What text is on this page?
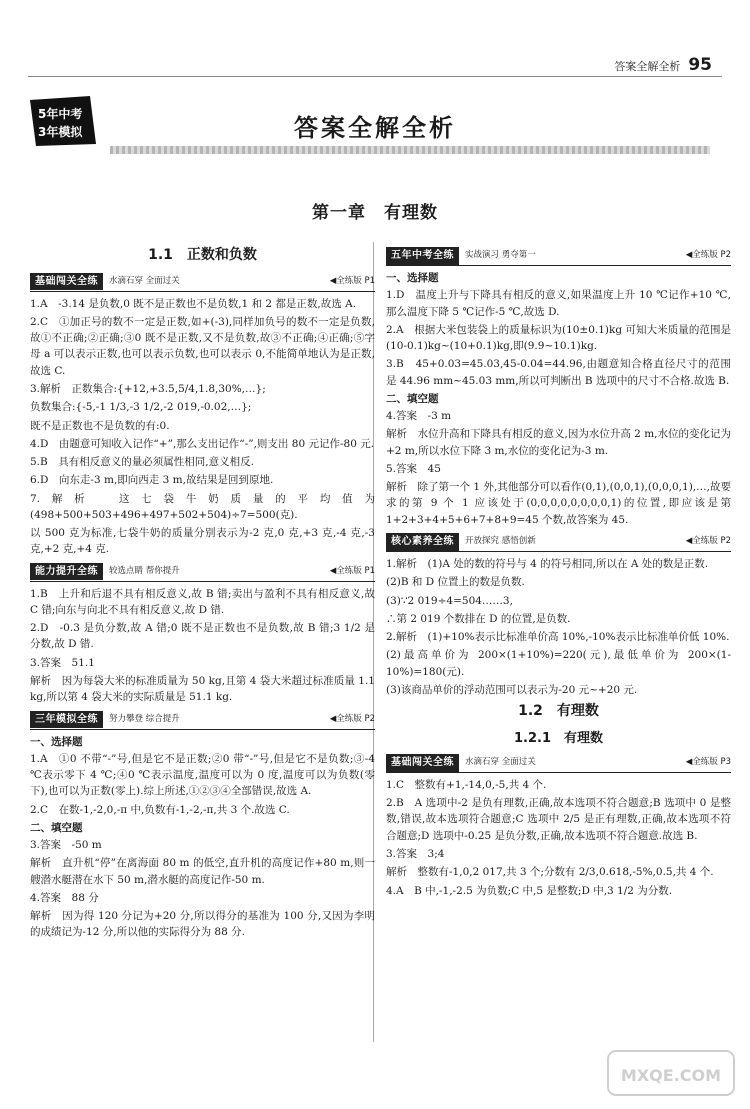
答案全解全析 95
5年中考
3年模拟	答案全解全析
第一章　有理数
1.1　正数和负数
基础闯关全练	水滴石穿 全面过关	◀全练版 P1

1.A　-3.14 是负数,0 既不是正数也不是负数,1 和 2 都是正数,故选 A.

2.C　①加正号的数不一定是正数,如+(-3),同样加负号的数不一定是负数,故①不正确;②正确;③0 既不是正数,又不是负数,故③不正确;④正确;⑤字母 a 可以表示正数,也可以表示负数,也可以表示 0,不能简单地认为是正数,故选 C.

3.解析　正数集合:{+12,+3.5,5/4,1.8,30%,…};

负数集合:{-5,-1 1/3,-3 1/2,-2 019,-0.02,…};

既不是正数也不是负数的有:0.

4.D　由题意可知收入记作“+”,那么支出记作“-”,则支出 80 元记作-80 元.

5.B　具有相反意义的量必须属性相同,意义相反.

6.D　向东走-3 m,即向西走 3 m,故结果是回到原地.

7.解析　这七袋牛奶质量的平均值为(498+500+503+496+497+502+504)÷7=500(克).

以 500 克为标准,七袋牛奶的质量分别表示为-2 克,0 克,+3 克,-4 克,-3 克,+2 克,+4 克.

能力提升全练	较选点睛 帮你提升	◀全练版 P1

1.B　上升和后退不具有相反意义,故 B 错;卖出与盈利不具有相反意义,故 C 错;向东与向北不具有相反意义,故 D 错.

2.D　-0.3 是负分数,故 A 错;0 既不是正数也不是负数,故 B 错;3 1/2 是分数,故 D 错.

3.答案　51.1

解析　因为每袋大米的标准质量为 50 kg,且第 4 袋大米超过标准质量 1.1 kg,所以第 4 袋大米的实际质量是 51.1 kg.

三年模拟全练	努力攀登 综合提升	◀全练版 P2
一、选择题

1.A　①0 不带“-”号,但是它不是正数;②0 带“-”号,但是它不是负数;③-4 ℃表示零下 4 ℃;④0 ℃表示温度,温度可以为 0 度,温度可以为负数(零下),也可以为正数(零上).综上所述,①②③④全部错误,故选 A.

2.C　在数-1,-2,0,-π 中,负数有-1,-2,-π,共 3 个.故选 C.

二、填空题

3.答案　-50 m

解析　直升机“停”在离海面 80 m 的低空,直升机的高度记作+80 m,则一艘潜水艇潜在水下 50 m,潜水艇的高度记作-50 m.

4.答案　88 分

解析　因为得 120 分记为+20 分,所以得分的基准为 100 分,又因为李明的成绩记为-12 分,所以他的实际得分为 88 分.

五年中考全练	实战演习 勇夺第一	◀全练版 P2
一、选择题

1.D　温度上升与下降具有相反的意义,如果温度上升 10 ℃记作+10 ℃,那么温度下降 5 ℃记作-5 ℃,故选 D.

2.A　根据大米包装袋上的质量标识为(10±0.1)kg 可知大米质量的范围是(10-0.1)kg~(10+0.1)kg,即(9.9~10.1)kg.

3.B　45+0.03=45.03,45-0.04=44.96,由题意知合格直径尺寸的范围是 44.96 mm~45.03 mm,所以可判断出 B 选项中的尺寸不合格.故选 B.

二、填空题

4.答案　-3 m

解析　水位升高和下降具有相反的意义,因为水位升高 2 m,水位的变化记为+2 m,所以水位下降 3 m,水位的变化记为-3 m.

5.答案　45

解析　除了第一个 1 外,其他部分可以看作(0,1),(0,0,1),(0,0,0,1),…,故要求的第 9 个 1 应该处于(0,0,0,0,0,0,0,0,1)的位置,即应该是第 1+2+3+4+5+6+7+8+9=45 个数,故答案为 45.

核心素养全练	开放探究 感悟创新	◀全练版 P2

1.解析　(1)A 处的数的符号与 4 的符号相同,所以在 A 处的数是正数.

(2)B 和 D 位置上的数是负数.

(3)∵2 019÷4=504……3,

∴第 2 019 个数排在 D 的位置,是负数.

2.解析　(1)+10%表示比标准单价高 10%,-10%表示比标准单价低 10%.

(2)最高单价为 200×(1+10%)=220(元),最低单价为 200×(1-10%)=180(元).

(3)该商品单价的浮动范围可以表示为-20 元~+20 元.

1.2　有理数
1.2.1　有理数
基础闯关全练	水滴石穿 全面过关	◀全练版 P3

1.C　整数有+1,-14,0,-5,共 4 个.

2.B　A 选项中-2 是负有理数,正确,故本选项不符合题意;B 选项中 0 是整数,错误,故本选项符合题意;C 选项中 2/5 是正有理数,正确,故本选项不符合题意;D 选项中-0.25 是负分数,正确,故本选项不符合题意.故选 B.

3.答案　3;4

解析　整数有-1,0,2 017,共 3 个;分数有 2/3,0.618,-5%,0.5,共 4 个.

4.A　B 中,-1,-2.5 为负数;C 中,5 是整数;D 中,3 1/2 为分数.

MXQE.COM
